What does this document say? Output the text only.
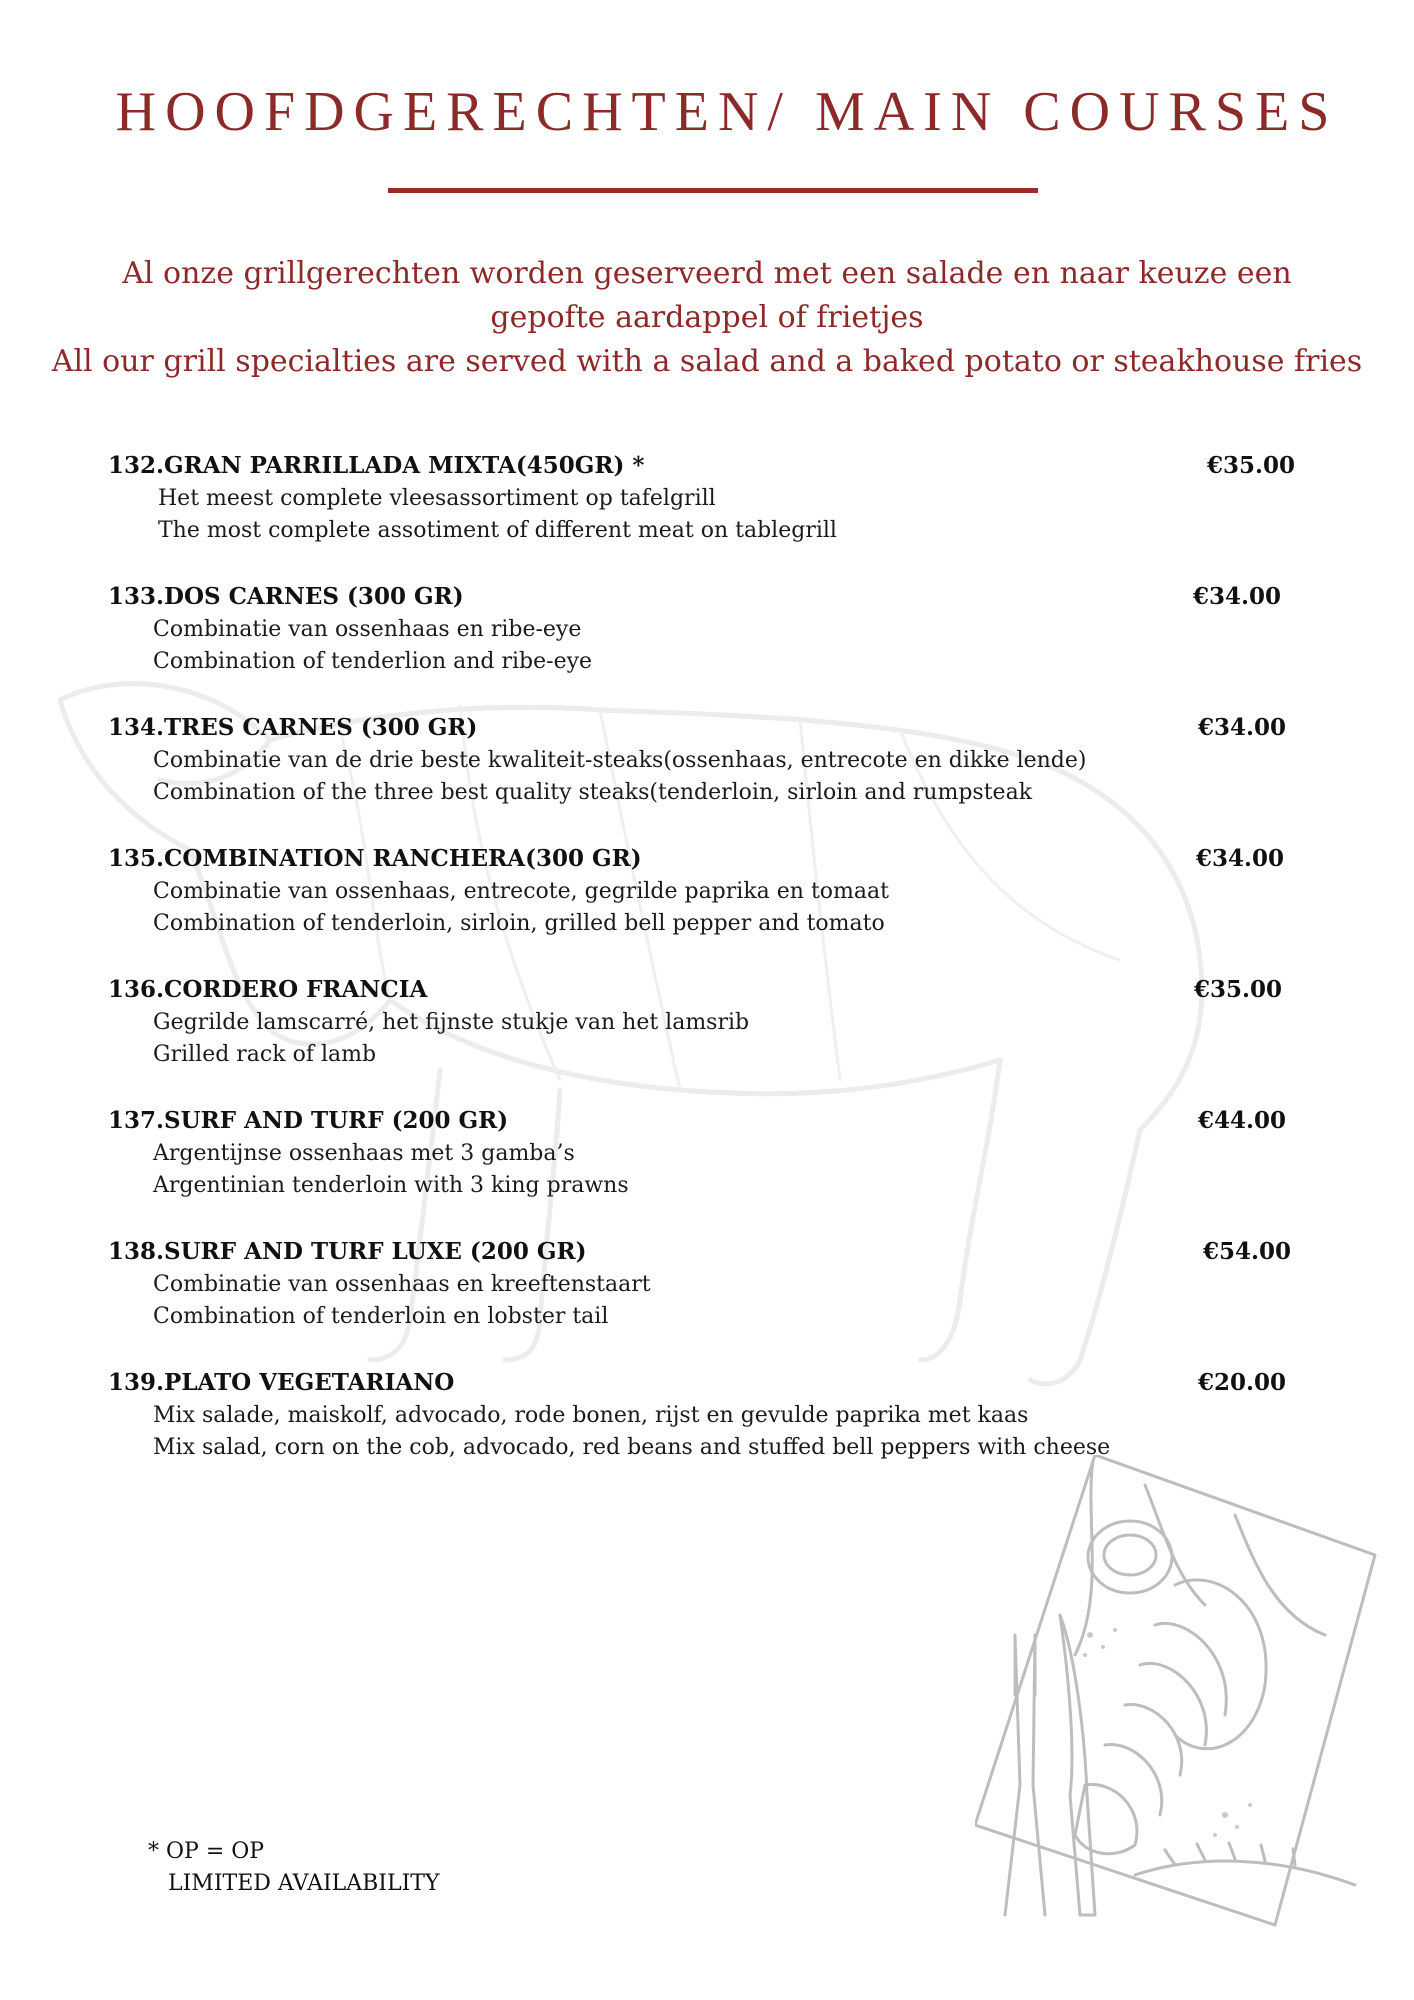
HOOFDGERECHTEN/ MAIN COURSES
Al onze grillgerechten worden geserveerd met een salade en naar keuze een
gepofte aardappel of frietjes
All our grill specialties are served with a salad and a baked potato or steakhouse fries
132.GRAN PARRILLADA MIXTA(450GR) *	€35.00
Het meest complete vleesassortiment op tafelgrill
The most complete assotiment of different meat on tablegrill
133.DOS CARNES (300 GR)	€34.00
Combinatie van ossenhaas en ribe-eye
Combination of tenderlion and ribe-eye
134.TRES CARNES (300 GR)	€34.00
Combinatie van de drie beste kwaliteit-steaks(ossenhaas, entrecote en dikke lende)
Combination of the three best quality steaks(tenderloin, sirloin and rumpsteak
135.COMBINATION RANCHERA(300 GR)	€34.00
Combinatie van ossenhaas, entrecote, gegrilde paprika en tomaat
Combination of tenderloin, sirloin, grilled bell pepper and tomato
136.CORDERO FRANCIA	€35.00
Gegrilde lamscarré, het fijnste stukje van het lamsrib
Grilled rack of lamb
137.SURF AND TURF (200 GR)	€44.00
Argentijnse ossenhaas met 3 gamba’s
Argentinian tenderloin with 3 king prawns
138.SURF AND TURF LUXE (200 GR)	€54.00
Combinatie van ossenhaas en kreeftenstaart
Combination of tenderloin en lobster tail
139.PLATO VEGETARIANO	€20.00
Mix salade, maiskolf, advocado, rode bonen, rijst en gevulde paprika met kaas
Mix salad, corn on the cob, advocado, red beans and stuffed bell peppers with cheese
* OP = OP
LIMITED AVAILABILITY
